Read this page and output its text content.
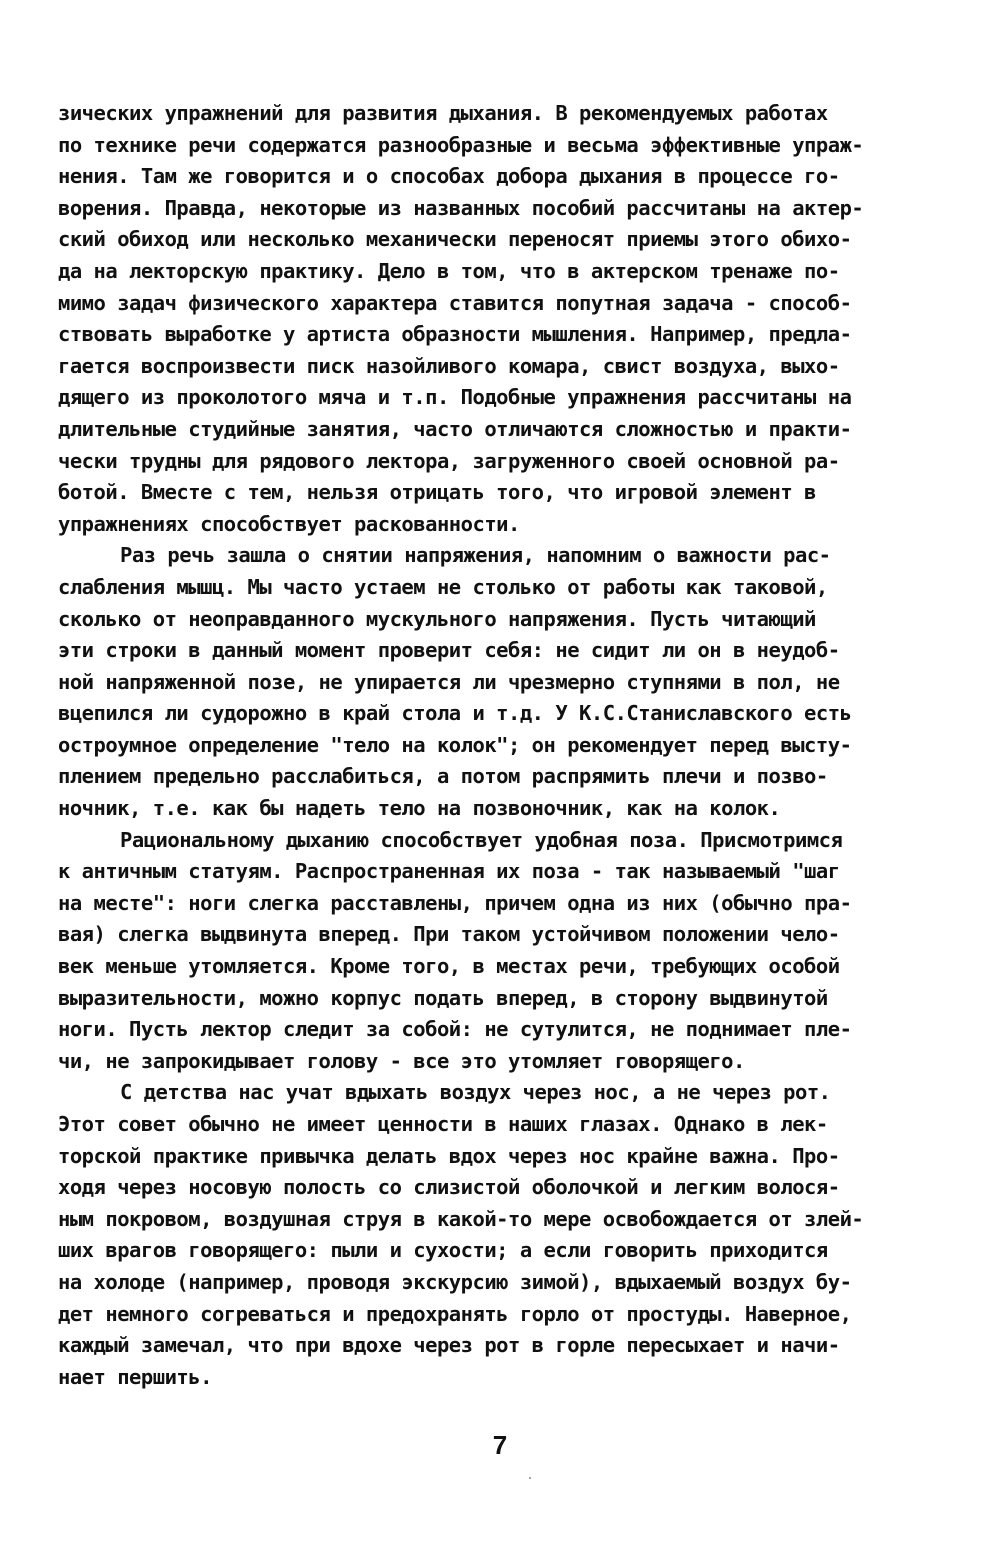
зических упражнений для развития дыхания. В рекомендуемых работах
по технике речи содержатся разнообразные и весьма эффективные упраж-
нения. Там же говорится и о способах добора дыхания в процессе го-
ворения. Правда, некоторые из названных пособий рассчитаны на актер-
ский обиход или несколько механически переносят приемы этого обихо-
да на лекторскую практику. Дело в том, что в актерском тренаже по-
мимо задач физического характера ставится попутная задача - способ-
ствовать выработке у артиста образности мышления. Например, предла-
гается воспроизвести писк назойливого комара, свист воздуха, выхо-
дящего из проколотого мяча и т.п. Подобные упражнения рассчитаны на
длительные студийные занятия, часто отличаются сложностью и практи-
чески трудны для рядового лектора, загруженного своей основной ра-
ботой. Вместе с тем, нельзя отрицать того, что игровой элемент в
упражнениях способствует раскованности.
Раз речь зашла о снятии напряжения, напомним о важности рас-
слабления мышц. Мы часто устаем не столько от работы как таковой,
сколько от неоправданного мускульного напряжения. Пусть читающий
эти строки в данный момент проверит себя: не сидит ли он в неудоб-
ной напряженной позе, не упирается ли чрезмерно ступнями в пол, не
вцепился ли судорожно в край стола и т.д. У К.С.Станиславского есть
остроумное определение "тело на колок"; он рекомендует перед высту-
плением предельно расслабиться, а потом распрямить плечи и позво-
ночник, т.е. как бы надеть тело на позвоночник, как на колок.
Рациональному дыханию способствует удобная поза. Присмотримся
к античным статуям. Распространенная их поза - так называемый "шаг
на месте": ноги слегка расставлены, причем одна из них (обычно пра-
вая) слегка выдвинута вперед. При таком устойчивом положении чело-
век меньше утомляется. Кроме того, в местах речи, требующих особой
выразительности, можно корпус подать вперед, в сторону выдвинутой
ноги. Пусть лектор следит за собой: не сутулится, не поднимает пле-
чи, не запрокидывает голову - все это утомляет говорящего.
С детства нас учат вдыхать воздух через нос, а не через рот.
Этот совет обычно не имеет ценности в наших глазах. Однако в лек-
торской практике привычка делать вдох через нос крайне важна. Про-
ходя через носовую полость со слизистой оболочкой и легким волося-
ным покровом, воздушная струя в какой-то мере освобождается от злей-
ших врагов говорящего: пыли и сухости; а если говорить приходится
на холоде (например, проводя экскурсию зимой), вдыхаемый воздух бу-
дет немного согреваться и предохранять горло от простуды. Наверное,
каждый замечал, что при вдохе через рот в горле пересыхает и начи-
нает першить.
7
